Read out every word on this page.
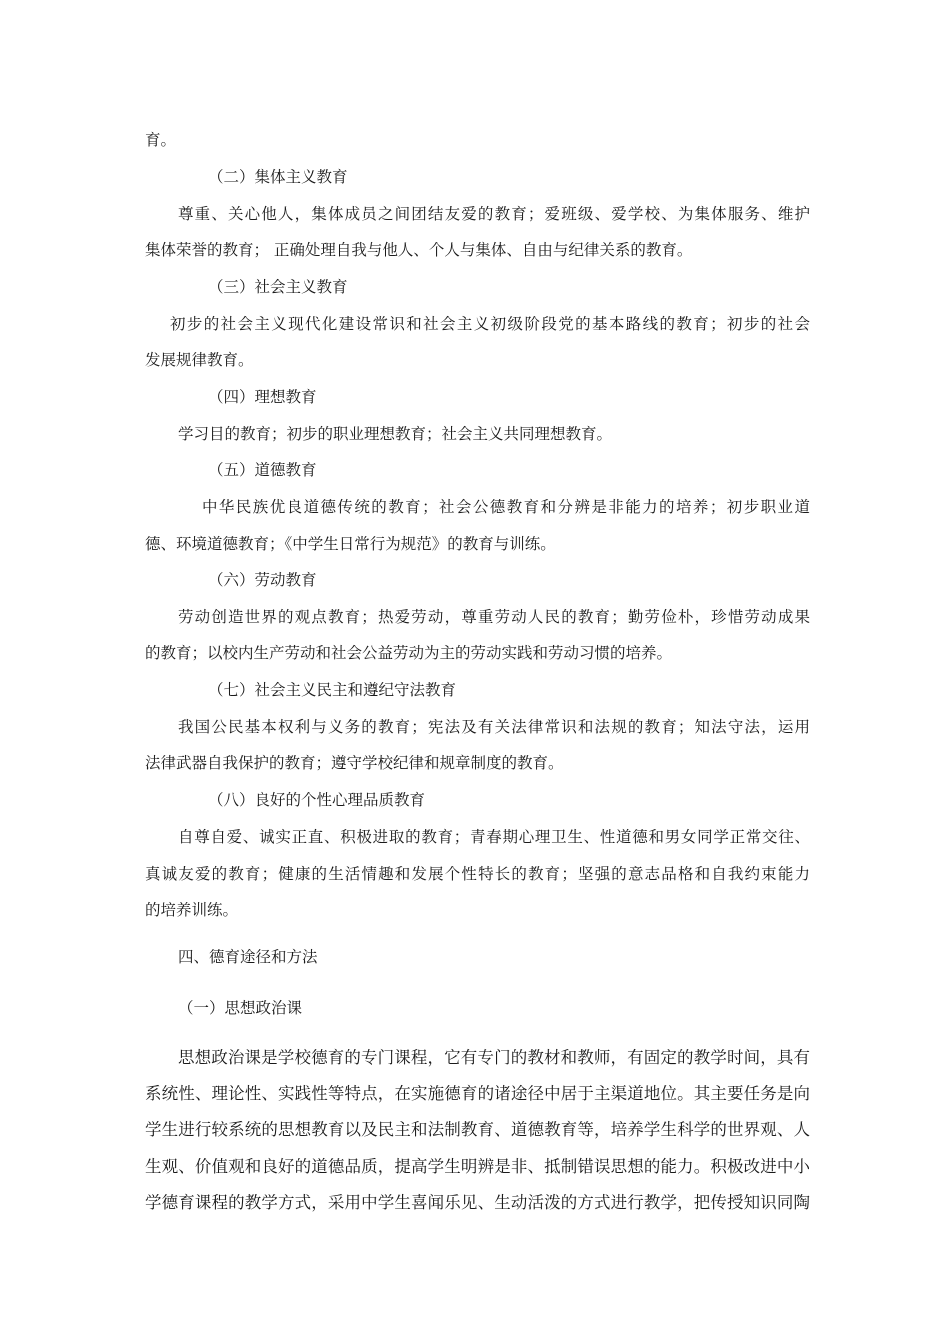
育。
（二）集体主义教育
尊重、关心他人，集体成员之间团结友爱的教育；爱班级、爱学校、为集体服务、维护
集体荣誉的教育； 正确处理自我与他人、个人与集体、自由与纪律关系的教育。
（三）社会主义教育
初步的社会主义现代化建设常识和社会主义初级阶段党的基本路线的教育；初步的社会
发展规律教育。
（四）理想教育
学习目的教育；初步的职业理想教育；社会主义共同理想教育。
（五）道德教育
中华民族优良道德传统的教育；社会公德教育和分辨是非能力的培养；初步职业道
德、环境道德教育；《中学生日常行为规范》的教育与训练。
（六）劳动教育
劳动创造世界的观点教育；热爱劳动，尊重劳动人民的教育；勤劳俭朴，珍惜劳动成果
的教育；以校内生产劳动和社会公益劳动为主的劳动实践和劳动习惯的培养。
（七）社会主义民主和遵纪守法教育
我国公民基本权利与义务的教育；宪法及有关法律常识和法规的教育；知法守法，运用
法律武器自我保护的教育；遵守学校纪律和规章制度的教育。
（八）良好的个性心理品质教育
自尊自爱、诚实正直、积极进取的教育；青春期心理卫生、性道德和男女同学正常交往、
真诚友爱的教育；健康的生活情趣和发展个性特长的教育；坚强的意志品格和自我约束能力
的培养训练。
四、德育途径和方法
（一）思想政治课
思想政治课是学校德育的专门课程，它有专门的教材和教师，有固定的教学时间，具有
系统性、理论性、实践性等特点，在实施德育的诸途径中居于主渠道地位。其主要任务是向
学生进行较系统的思想教育以及民主和法制教育、道德教育等，培养学生科学的世界观、人
生观、价值观和良好的道德品质，提高学生明辨是非、抵制错误思想的能力。积极改进中小
学德育课程的教学方式，采用中学生喜闻乐见、生动活泼的方式进行教学，把传授知识同陶
